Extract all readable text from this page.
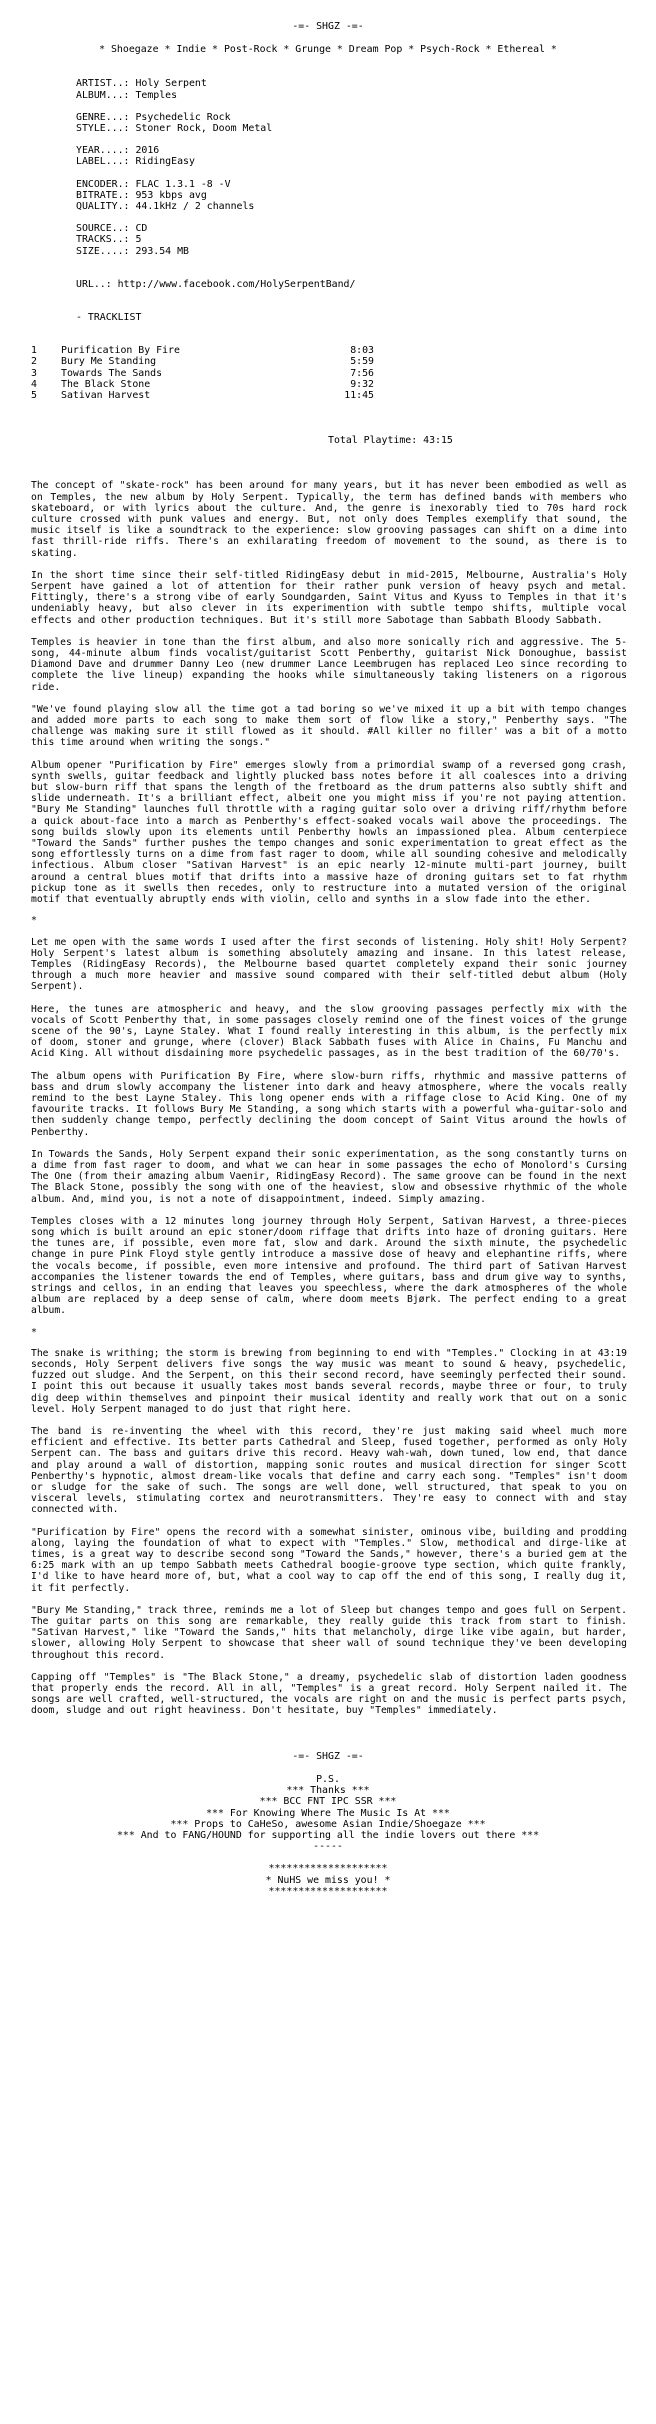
-=- SHGZ -=-
* Shoegaze * Indie * Post-Rock * Grunge * Dream Pop * Psych-Rock * Ethereal *
ARTIST..: Holy Serpent
ALBUM...: Temples
GENRE...: Psychedelic Rock
STYLE...: Stoner Rock, Doom Metal
YEAR....: 2016
LABEL...: RidingEasy
ENCODER.: FLAC 1.3.1 -8 -V
BITRATE.: 953 kbps avg
QUALITY.: 44.1kHz / 2 channels
SOURCE..: CD
TRACKS..: 5
SIZE....: 293.54 MB
URL..: http://www.facebook.com/HolySerpentBand/
- TRACKLIST
1 Purification By Fire	8:03
2 Bury Me Standing	5:59
3 Towards The Sands	7:56
4 The Black Stone	9:32
5 Sativan Harvest	11:45
Total Playtime: 43:15

The concept of "skate-rock" has been around for many years, but it has never been embodied as well as on Temples, the new album by Holy Serpent. Typically, the term has defined bands with members who skateboard, or with lyrics about the culture. And, the genre is inexorably tied to 70s hard rock culture crossed with punk values and energy. But, not only does Temples exemplify that sound, the music itself is like a soundtrack to the experience: slow grooving passages can shift on a dime into fast thrill-ride riffs. There's an exhilarating freedom of movement to the sound, as there is to skating.

In the short time since their self-titled RidingEasy debut in mid-2015, Melbourne, Australia's Holy Serpent have gained a lot of attention for their rather punk version of heavy psych and metal. Fittingly, there's a strong vibe of early Soundgarden, Saint Vitus and Kyuss to Temples in that it's undeniably heavy, but also clever in its experimention with subtle tempo shifts, multiple vocal effects and other production techniques. But it's still more Sabotage than Sabbath Bloody Sabbath.

Temples is heavier in tone than the first album, and also more sonically rich and aggressive. The 5-song, 44-minute album finds vocalist/guitarist Scott Penberthy, guitarist Nick Donoughue, bassist Diamond Dave and drummer Danny Leo (new drummer Lance Leembrugen has replaced Leo since recording to complete the live lineup) expanding the hooks while simultaneously taking listeners on a rigorous ride.

"We've found playing slow all the time got a tad boring so we've mixed it up a bit with tempo changes and added more parts to each song to make them sort of flow like a story," Penberthy says. "The challenge was making sure it still flowed as it should. #All killer no filler' was a bit of a motto this time around when writing the songs."

Album opener "Purification by Fire" emerges slowly from a primordial swamp of a reversed gong crash, synth swells, guitar feedback and lightly plucked bass notes before it all coalesces into a driving but slow-burn riff that spans the length of the fretboard as the drum patterns also subtly shift and slide underneath. It's a brilliant effect, albeit one you might miss if you're not paying attention. "Bury Me Standing" launches full throttle with a raging guitar solo over a driving riff/rhythm before a quick about-face into a march as Penberthy's effect-soaked vocals wail above the proceedings. The song builds slowly upon its elements until Penberthy howls an impassioned plea. Album centerpiece "Toward the Sands" further pushes the tempo changes and sonic experimentation to great effect as the song effortlessly turns on a dime from fast rager to doom, while all sounding cohesive and melodically infectious. Album closer "Sativan Harvest" is an epic nearly 12-minute multi-part journey, built around a central blues motif that drifts into a massive haze of droning guitars set to fat rhythm pickup tone as it swells then recedes, only to restructure into a mutated version of the original motif that eventually abruptly ends with violin, cello and synths in a slow fade into the ether.

*

Let me open with the same words I used after the first seconds of listening. Holy shit! Holy Serpent? Holy Serpent's latest album is something absolutely amazing and insane. In this latest release, Temples (RidingEasy Records), the Melbourne based quartet completely expand their sonic journey through a much more heavier and massive sound compared with their self-titled debut album (Holy Serpent).

Here, the tunes are atmospheric and heavy, and the slow grooving passages perfectly mix with the vocals of Scott Penberthy that, in some passages closely remind one of the finest voices of the grunge scene of the 90's, Layne Staley. What I found really interesting in this album, is the perfectly mix of doom, stoner and grunge, where (clover) Black Sabbath fuses with Alice in Chains, Fu Manchu and Acid King. All without disdaining more psychedelic passages, as in the best tradition of the 60/70's.

The album opens with Purification By Fire, where slow-burn riffs, rhythmic and massive patterns of bass and drum slowly accompany the listener into dark and heavy atmosphere, where the vocals really remind to the best Layne Staley. This long opener ends with a riffage close to Acid King. One of my favourite tracks. It follows Bury Me Standing, a song which starts with a powerful wha-guitar-solo and then suddenly change tempo, perfectly declining the doom concept of Saint Vitus around the howls of Penberthy.

In Towards the Sands, Holy Serpent expand their sonic experimentation, as the song constantly turns on a dime from fast rager to doom, and what we can hear in some passages the echo of Monolord's Cursing The One (from their amazing album Vaenir, RidingEasy Record). The same groove can be found in the next The Black Stone, possibly the song with one of the heaviest, slow and obsessive rhythmic of the whole album. And, mind you, is not a note of disappointment, indeed. Simply amazing.

Temples closes with a 12 minutes long journey through Holy Serpent, Sativan Harvest, a three-pieces song which is built around an epic stoner/doom riffage that drifts into haze of droning guitars. Here the tunes are, if possible, even more fat, slow and dark. Around the sixth minute, the psychedelic change in pure Pink Floyd style gently introduce a massive dose of heavy and elephantine riffs, where the vocals become, if possible, even more intensive and profound. The third part of Sativan Harvest accompanies the listener towards the end of Temples, where guitars, bass and drum give way to synths, strings and cellos, in an ending that leaves you speechless, where the dark atmospheres of the whole album are replaced by a deep sense of calm, where doom meets Bjørk. The perfect ending to a great album.

*

The snake is writhing; the storm is brewing from beginning to end with "Temples." Clocking in at 43:19 seconds, Holy Serpent delivers five songs the way music was meant to sound & heavy, psychedelic, fuzzed out sludge. And the Serpent, on this their second record, have seemingly perfected their sound. I point this out because it usually takes most bands several records, maybe three or four, to truly dig deep within themselves and pinpoint their musical identity and really work that out on a sonic level. Holy Serpent managed to do just that right here.

The band is re-inventing the wheel with this record, they're just making said wheel much more efficient and effective. Its better parts Cathedral and Sleep, fused together, performed as only Holy Serpent can. The bass and guitars drive this record. Heavy wah-wah, down tuned, low end, that dance and play around a wall of distortion, mapping sonic routes and musical direction for singer Scott Penberthy's hypnotic, almost dream-like vocals that define and carry each song. "Temples" isn't doom or sludge for the sake of such. The songs are well done, well structured, that speak to you on visceral levels, stimulating cortex and neurotransmitters. They're easy to connect with and stay connected with.

"Purification by Fire" opens the record with a somewhat sinister, ominous vibe, building and prodding along, laying the foundation of what to expect with "Temples." Slow, methodical and dirge-like at times, is a great way to describe second song "Toward the Sands," however, there's a buried gem at the 6:25 mark with an up tempo Sabbath meets Cathedral boogie-groove type section, which quite frankly, I'd like to have heard more of, but, what a cool way to cap off the end of this song, I really dug it, it fit perfectly.

"Bury Me Standing," track three, reminds me a lot of Sleep but changes tempo and goes full on Serpent. The guitar parts on this song are remarkable, they really guide this track from start to finish. "Sativan Harvest," like "Toward the Sands," hits that melancholy, dirge like vibe again, but harder, slower, allowing Holy Serpent to showcase that sheer wall of sound technique they've been developing throughout this record.

Capping off "Temples" is "The Black Stone," a dreamy, psychedelic slab of distortion laden goodness that properly ends the record. All in all, "Temples" is a great record. Holy Serpent nailed it. The songs are well crafted, well-structured, the vocals are right on and the music is perfect parts psych, doom, sludge and out right heaviness. Don't hesitate, buy "Temples" immediately.

-=- SHGZ -=-
P.S.
*** Thanks ***
*** BCC FNT IPC SSR ***
*** For Knowing Where The Music Is At ***
*** Props to CaHeSo, awesome Asian Indie/Shoegaze ***
*** And to FANG/HOUND for supporting all the indie lovers out there ***
-----
********************
* NuHS we miss you! *
********************
